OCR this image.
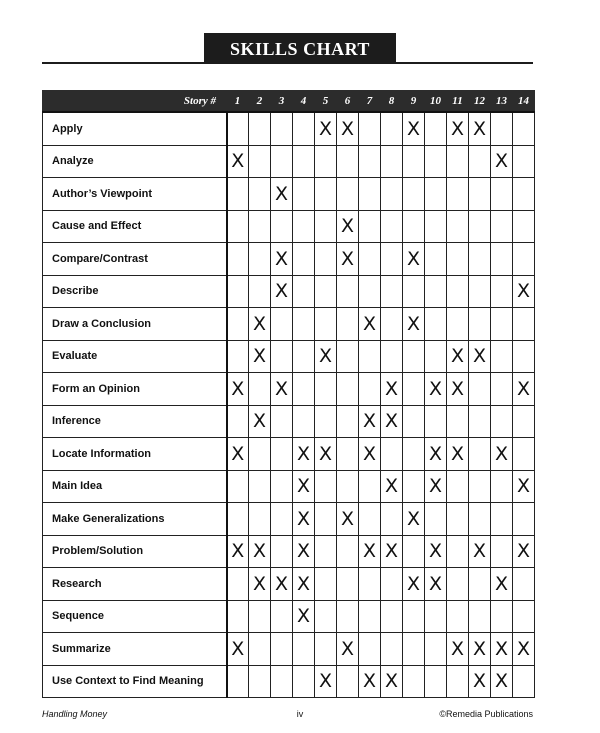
SKILLS CHART
Story #	1	2	3	4	5	6	7	8	9	10	11	12	13	14
Apply					X	X			X		X	X		
Analyze	X												X	
Author’s Viewpoint			X											
Cause and Effect						X								
Compare/Contrast			X			X			X					
Describe			X											X
Draw a Conclusion		X					X		X					
Evaluate		X			X						X	X		
Form an Opinion	X		X					X		X	X			X
Inference		X					X	X						
Locate Information	X			X	X		X			X	X		X	
Main Idea				X				X		X				X
Make Generalizations				X		X			X					
Problem/Solution	X	X		X			X	X		X		X		X
Research		X	X	X					X	X			X	
Sequence				X										
Summarize	X					X					X	X	X	X
Use Context to Find Meaning					X		X	X				X	X	
Handling Money	iv	©Remedia Publications
